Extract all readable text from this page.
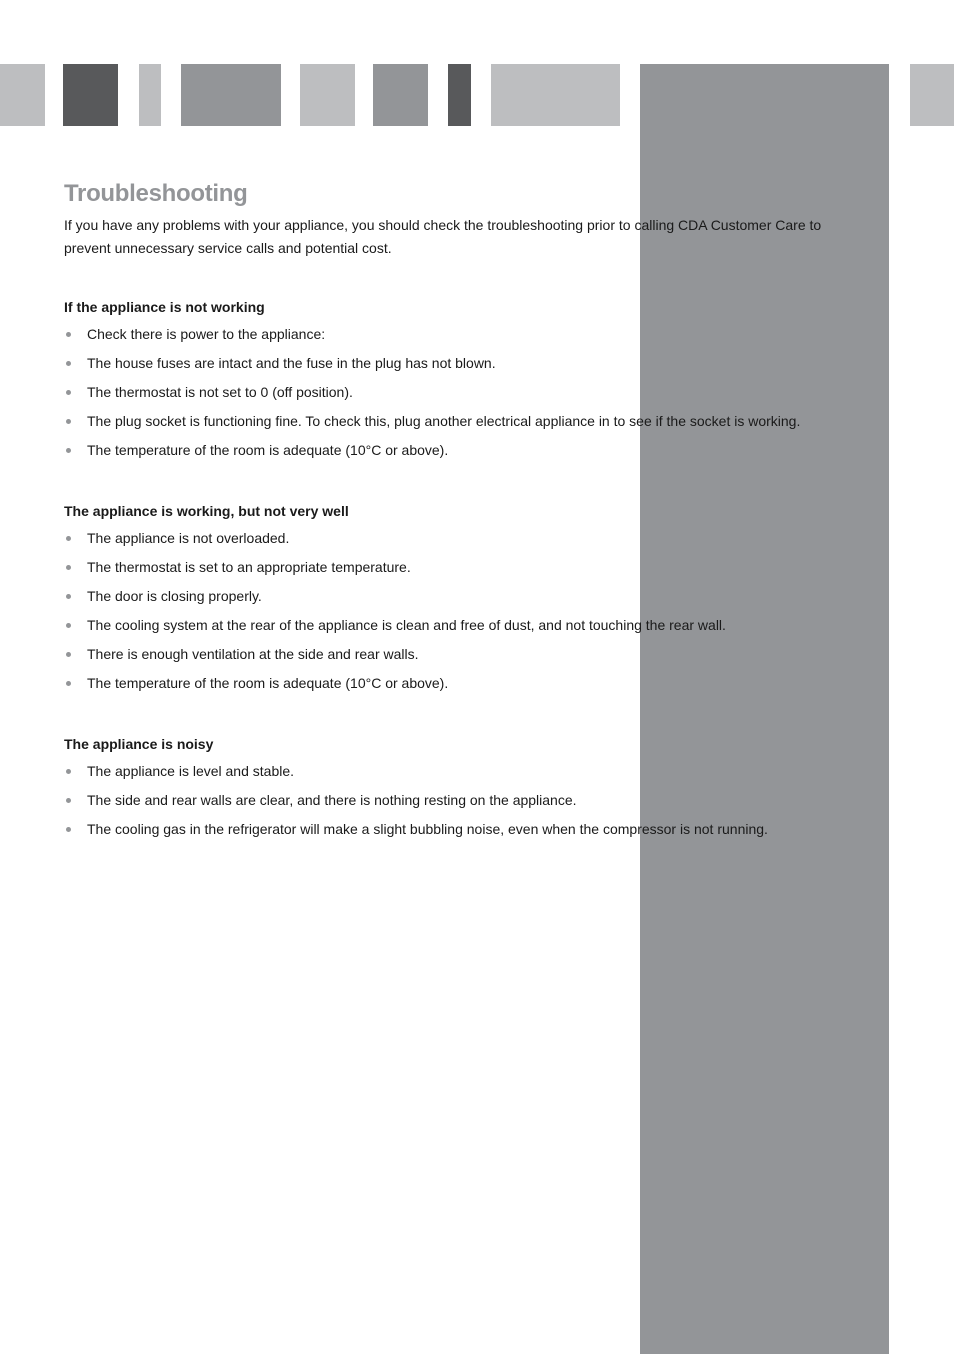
Troubleshooting

If you have any problems with your appliance, you should check the troubleshooting prior to calling CDA Customer Care to prevent unnecessary service calls and potential cost.

If the appliance is not working
Check there is power to the appliance:
The house fuses are intact and the fuse in the plug has not blown.
The thermostat is not set to 0 (off position).
The plug socket is functioning fine. To check this, plug another electrical appliance in to see if the socket is working.
The temperature of the room is adequate (10°C or above).
The appliance is working, but not very well
The appliance is not overloaded.
The thermostat is set to an appropriate temperature.
The door is closing properly.
The cooling system at the rear of the appliance is clean and free of dust, and not touching the rear wall.
There is enough ventilation at the side and rear walls.
The temperature of the room is adequate (10°C or above).
The appliance is noisy
The appliance is level and stable.
The side and rear walls are clear, and there is nothing resting on the appliance.
The cooling gas in the refrigerator will make a slight bubbling noise, even when the compressor is not running.
